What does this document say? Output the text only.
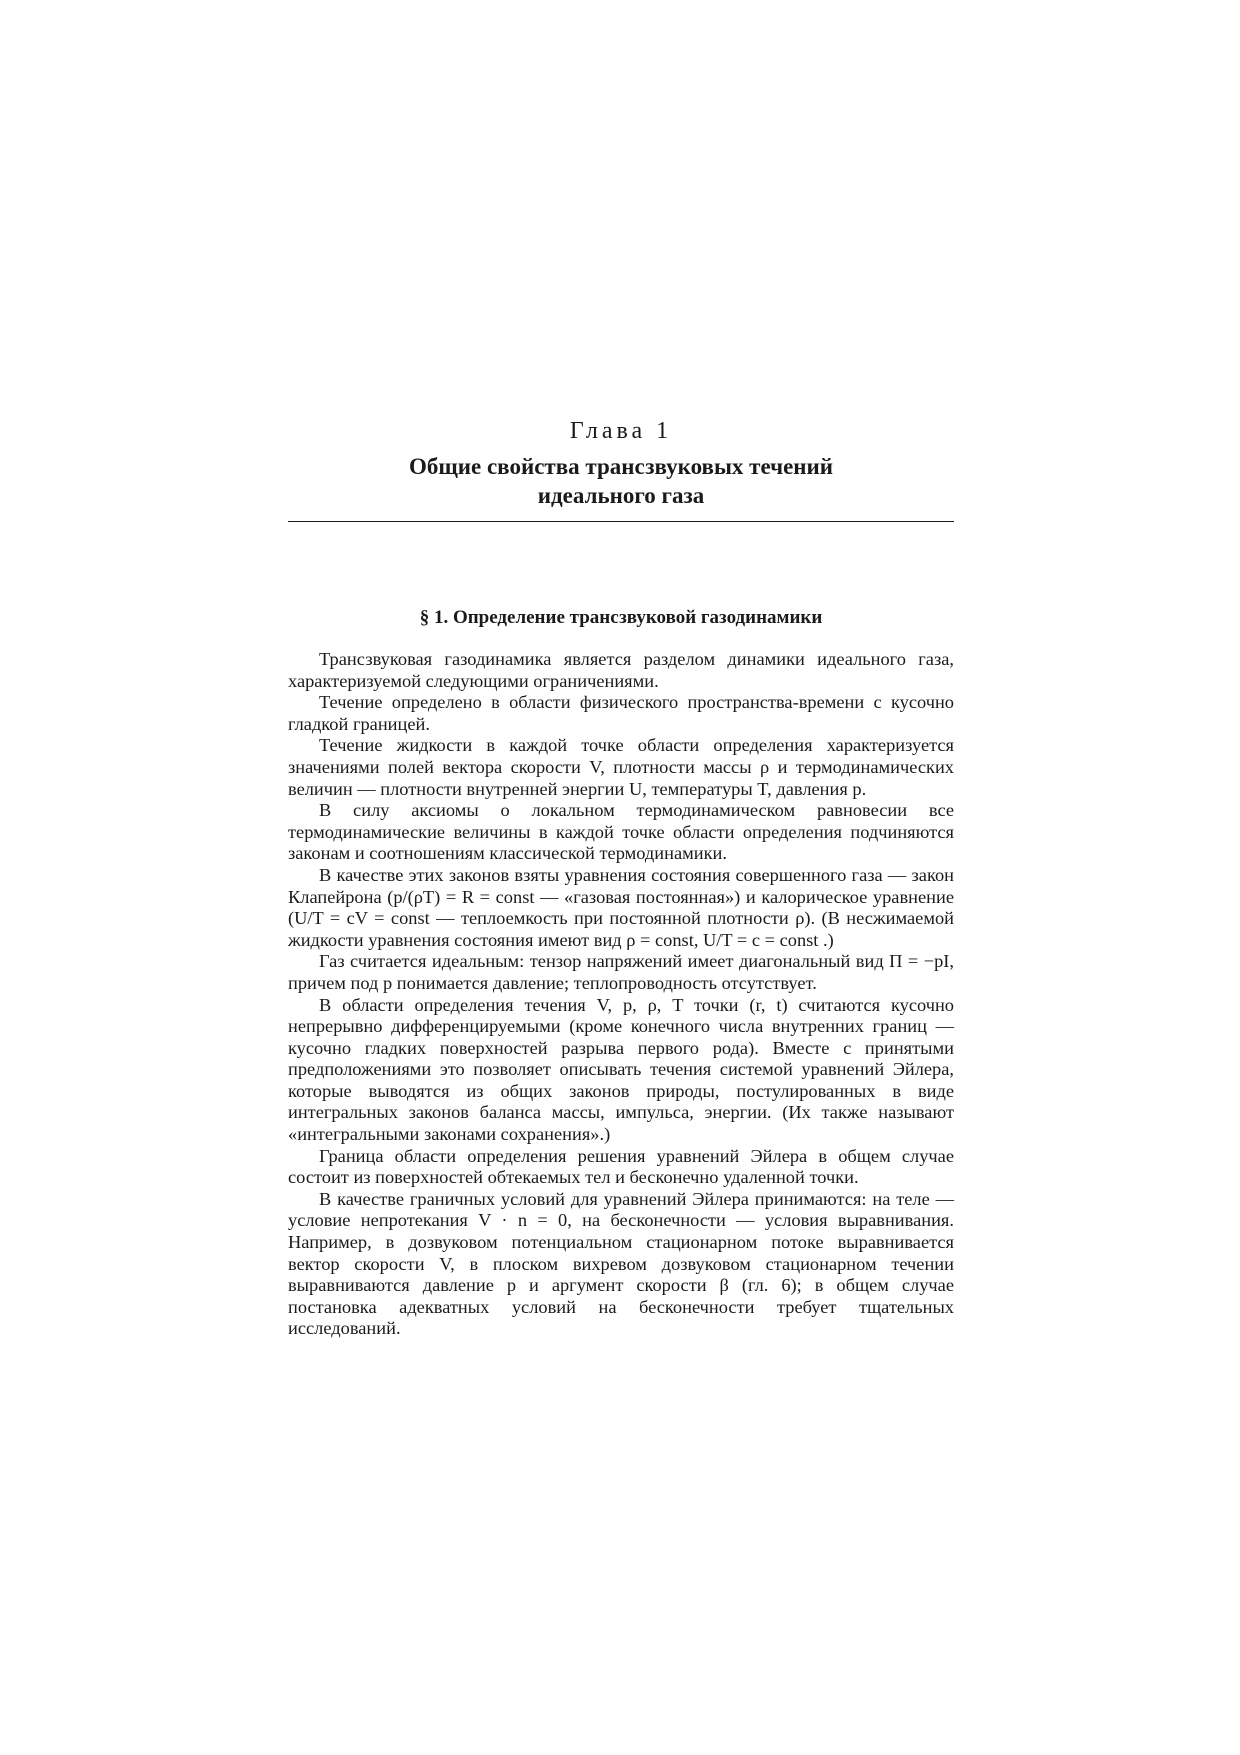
Глава 1
Общие свойства трансзвуковых течений
идеального газа
§ 1. Определение трансзвуковой газодинамики

Трансзвуковая газодинамика является разделом динамики идеального газа, характеризуемой следующими ограничениями.

Течение определено в области физического пространства-времени с кусочно гладкой границей.

Течение жидкости в каждой точке области определения характеризуется значениями полей вектора скорости V, плотности массы ρ и термодинамических величин — плотности внутренней энергии U, температуры T, давления p.

В силу аксиомы о локальном термодинамическом равновесии все термодинамические величины в каждой точке области определения подчиняются законам и соотношениям классической термодинамики.

В качестве этих законов взяты уравнения состояния совершенного газа — закон Клапейрона (p/(ρT) = R = const — «газовая постоянная») и калорическое уравнение (U/T = cV = const — теплоемкость при постоянной плотности ρ). (В несжимаемой жидкости уравнения состояния имеют вид ρ = const, U/T = c = const .)

Газ считается идеальным: тензор напряжений имеет диагональный вид Π = −pI, причем под p понимается давление; теплопроводность отсутствует.

В области определения течения V, p, ρ, T точки (r, t) считаются кусочно непрерывно дифференцируемыми (кроме конечного числа внутренних границ — кусочно гладких поверхностей разрыва первого рода). Вместе с принятыми предположениями это позволяет описывать течения системой уравнений Эйлера, которые выводятся из общих законов природы, постулированных в виде интегральных законов баланса массы, импульса, энергии. (Их также называют «интегральными законами сохранения».)

Граница области определения решения уравнений Эйлера в общем случае состоит из поверхностей обтекаемых тел и бесконечно удаленной точки.

В качестве граничных условий для уравнений Эйлера принимаются: на теле — условие непротекания V · n = 0, на бесконечности — условия выравнивания. Например, в дозвуковом потенциальном стационарном потоке выравнивается вектор скорости V, в плоском вихревом дозвуковом стационарном течении выравниваются давление p и аргумент скорости β (гл. 6); в общем случае постановка адекватных условий на бесконечности требует тщательных исследований.
